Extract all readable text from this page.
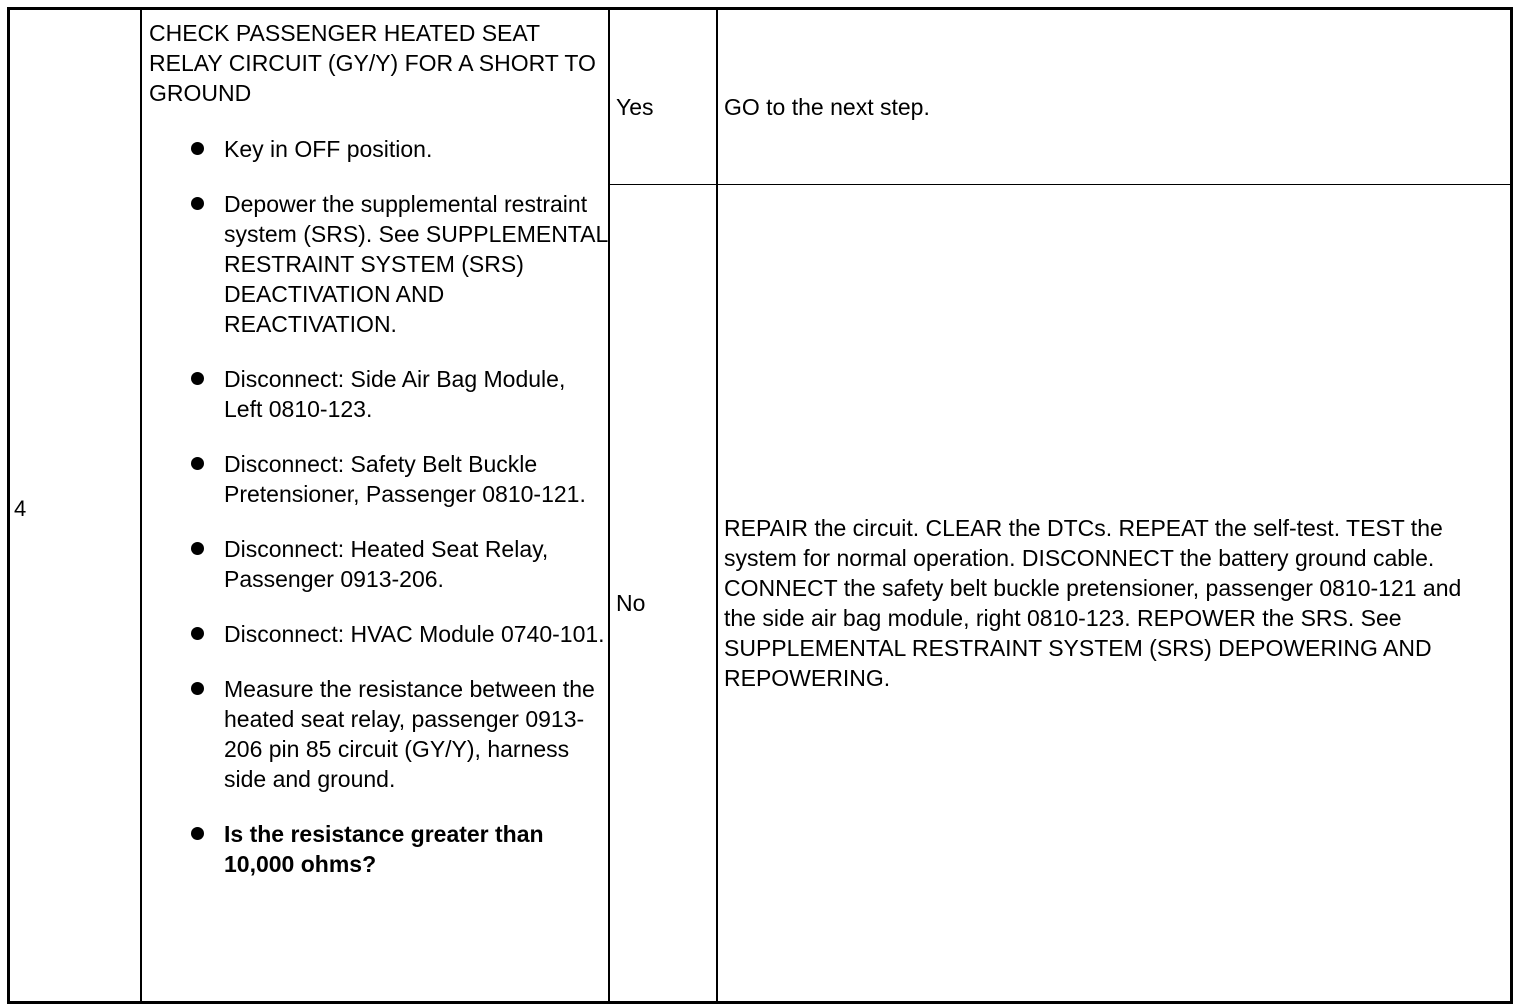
4
CHECK PASSENGER HEATED SEAT RELAY CIRCUIT (GY/Y) FOR A SHORT TO GROUND
Key in OFF position.
Depower the supplemental restraint system (SRS). See SUPPLEMENTAL RESTRAINT SYSTEM (SRS) DEACTIVATION AND REACTIVATION.
Disconnect: Side Air Bag Module, Left 0810-123.
Disconnect: Safety Belt Buckle Pretensioner, Passenger 0810-121.
Disconnect: Heated Seat Relay, Passenger 0913-206.
Disconnect: HVAC Module 0740-101.
Measure the resistance between the heated seat relay, passenger 0913-206 pin 85 circuit (GY/Y), harness side and ground.
Is the resistance greater than 10,000 ohms?
Yes	GO to the next step.
No
REPAIR the circuit. CLEAR the DTCs. REPEAT the self-test. TEST the system for normal operation. DISCONNECT the battery ground cable. CONNECT the safety belt buckle pretensioner, passenger 0810-121 and the side air bag module, right 0810-123. REPOWER the SRS. See SUPPLEMENTAL RESTRAINT SYSTEM (SRS) DEPOWERING AND REPOWERING.
